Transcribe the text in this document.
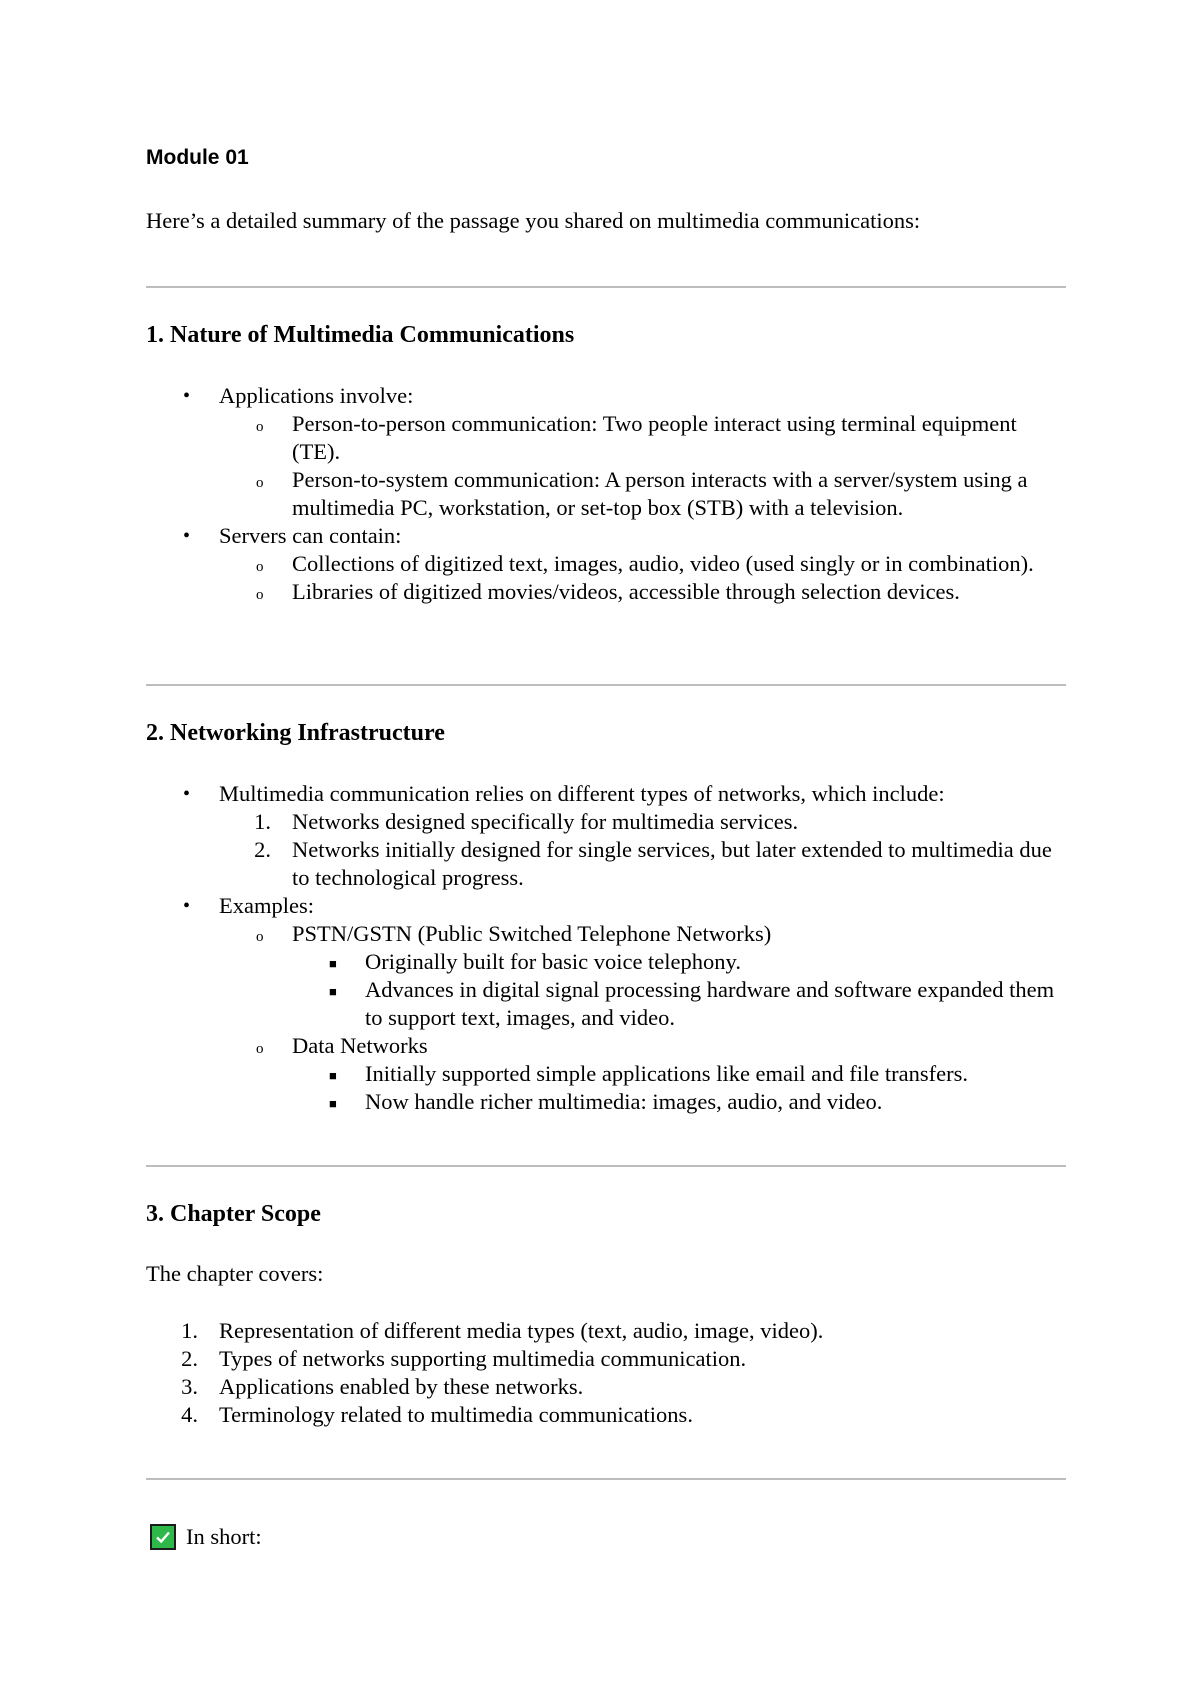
Module 01

Here’s a detailed summary of the passage you shared on multimedia communications:

1. Nature of Multimedia Communications
• Applications involve:
o Person-to-person communication: Two people interact using terminal equipment (TE).
o Person-to-system communication: A person interacts with a server/system using a multimedia PC, workstation, or set-top box (STB) with a television.
• Servers can contain:
o Collections of digitized text, images, audio, video (used singly or in combination).
o Libraries of digitized movies/videos, accessible through selection devices.
2. Networking Infrastructure
• Multimedia communication relies on different types of networks, which include:
1. Networks designed specifically for multimedia services.
2. Networks initially designed for single services, but later extended to multimedia due to technological progress.
• Examples:
o PSTN/GSTN (Public Switched Telephone Networks)
■ Originally built for basic voice telephony.
■ Advances in digital signal processing hardware and software expanded them to support text, images, and video.
o Data Networks
■ Initially supported simple applications like email and file transfers.
■ Now handle richer multimedia: images, audio, and video.
3. Chapter Scope

The chapter covers:

1. Representation of different media types (text, audio, image, video).
2. Types of networks supporting multimedia communication.
3. Applications enabled by these networks.
4. Terminology related to multimedia communications.
In short:
